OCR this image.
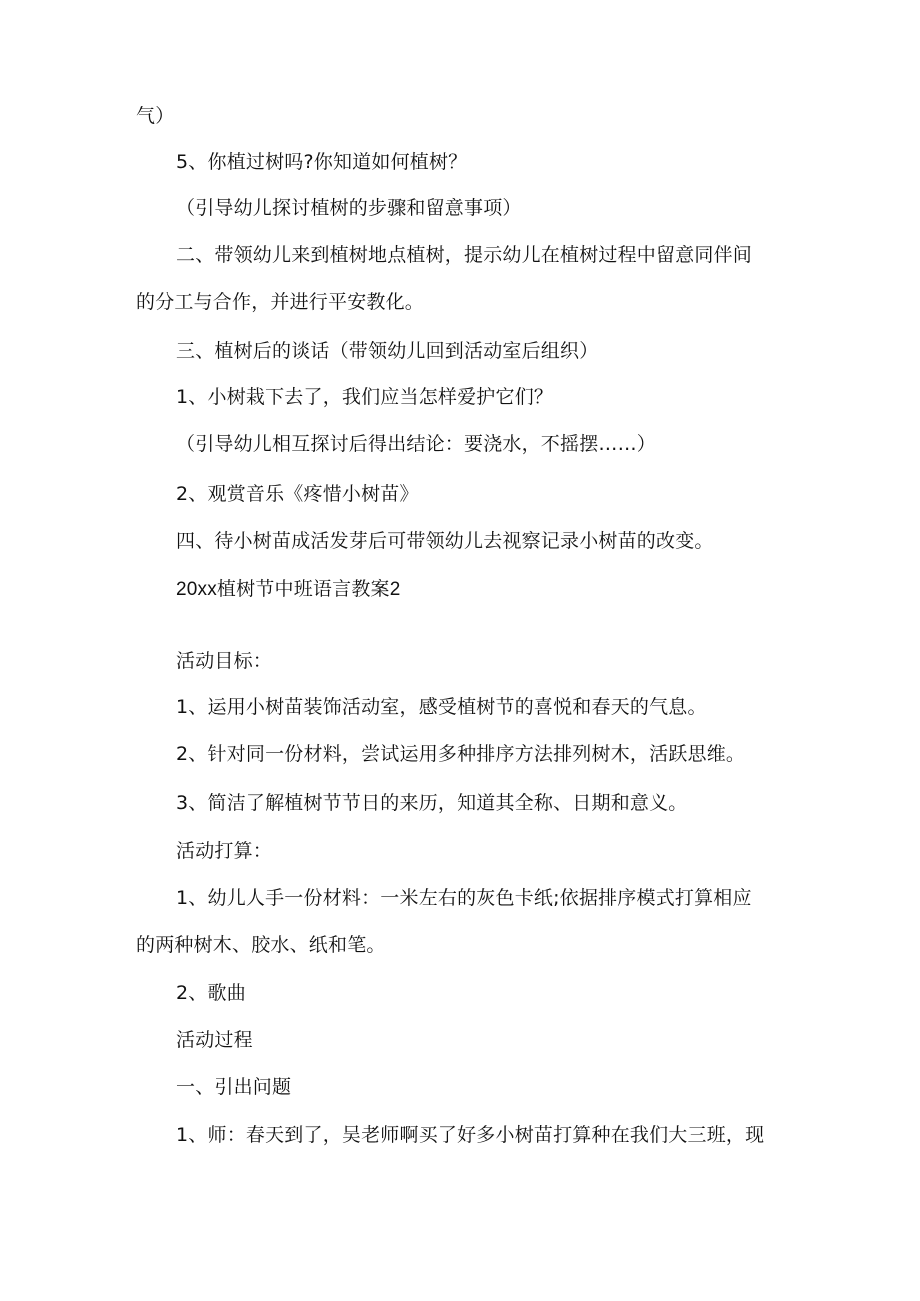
气）
5、你植过树吗?你知道如何植树？
（引导幼儿探讨植树的步骤和留意事项）
二、带领幼儿来到植树地点植树，提示幼儿在植树过程中留意同伴间
的分工与合作，并进行平安教化。
三、植树后的谈话（带领幼儿回到活动室后组织）
1、小树栽下去了，我们应当怎样爱护它们？
（引导幼儿相互探讨后得出结论：要浇水，不摇摆……）
2、观赏音乐《疼惜小树苗》
四、待小树苗成活发芽后可带领幼儿去视察记录小树苗的改变。
20xx植树节中班语言教案2
活动目标：
1、运用小树苗装饰活动室，感受植树节的喜悦和春天的气息。
2、针对同一份材料，尝试运用多种排序方法排列树木，活跃思维。
3、简洁了解植树节节日的来历，知道其全称、日期和意义。
活动打算：
1、幼儿人手一份材料：一米左右的灰色卡纸;依据排序模式打算相应
的两种树木、胶水、纸和笔。
2、歌曲
活动过程
一、引出问题
1、师：春天到了，吴老师啊买了好多小树苗打算种在我们大三班，现
